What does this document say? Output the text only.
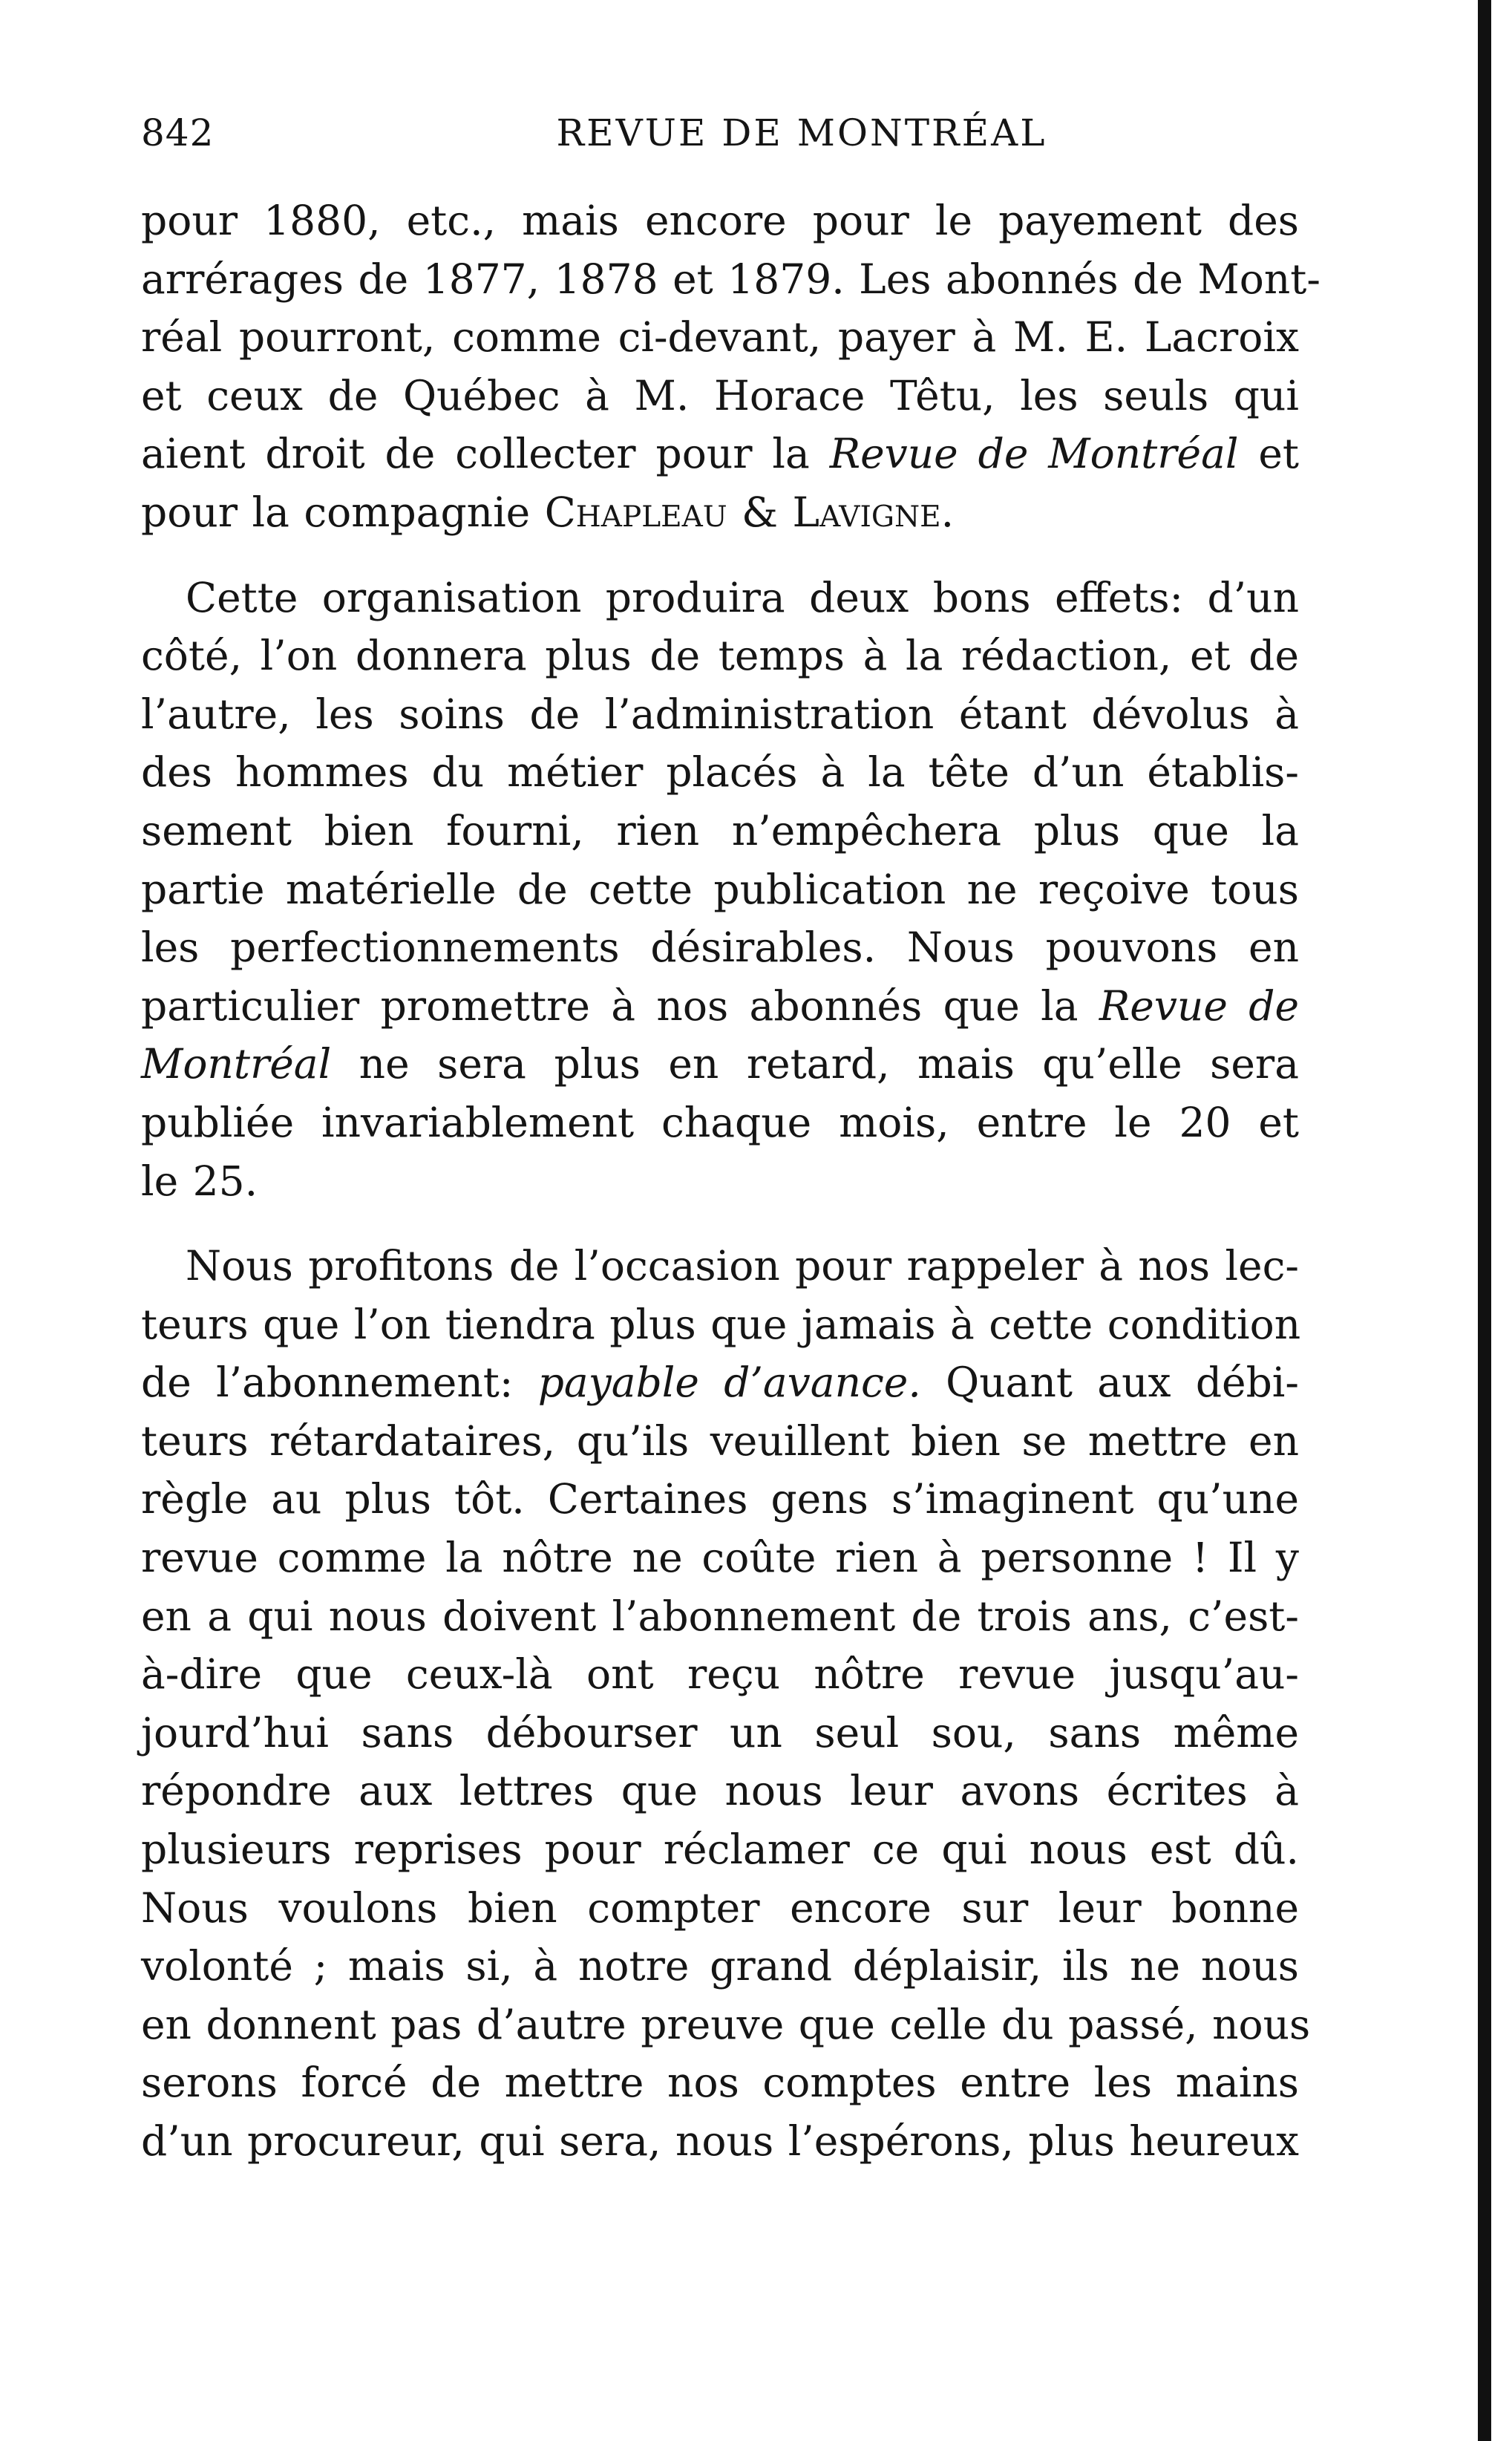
842	REVUE DE MONTRÉAL
pour 1880, etc., mais encore pour le payement des
arrérages de 1877, 1878 et 1879. Les abonnés de Mont-
réal pourront, comme ci-devant, payer à M. E. Lacroix
et ceux de Québec à M. Horace Têtu, les seuls qui
aient droit de collecter pour la Revue de Montréal et
pour la compagnie Chapleau & Lavigne.
Cette organisation produira deux bons effets: d’un
côté, l’on donnera plus de temps à la rédaction, et de
l’autre, les soins de l’administration étant dévolus à
des hommes du métier placés à la tête d’un établis-
sement bien fourni, rien n’empêchera plus que la
partie matérielle de cette publication ne reçoive tous
les perfectionnements désirables. Nous pouvons en
particulier promettre à nos abonnés que la Revue de
Montréal ne sera plus en retard, mais qu’elle sera
publiée invariablement chaque mois, entre le 20 et
le 25.
Nous profitons de l’occasion pour rappeler à nos lec-
teurs que l’on tiendra plus que jamais à cette condition
de l’abonnement: payable d’avance. Quant aux débi-
teurs rétardataires, qu’ils veuillent bien se mettre en
règle au plus tôt. Certaines gens s’imaginent qu’une
revue comme la nôtre ne coûte rien à personne ! Il y
en a qui nous doivent l’abonnement de trois ans, c’est-
à-dire que ceux-là ont reçu nôtre revue jusqu’au-
jourd’hui sans débourser un seul sou, sans même
répondre aux lettres que nous leur avons écrites à
plusieurs reprises pour réclamer ce qui nous est dû.
Nous voulons bien compter encore sur leur bonne
volonté ; mais si, à notre grand déplaisir, ils ne nous
en donnent pas d’autre preuve que celle du passé, nous
serons forcé de mettre nos comptes entre les mains
d’un procureur, qui sera, nous l’espérons, plus heureux
